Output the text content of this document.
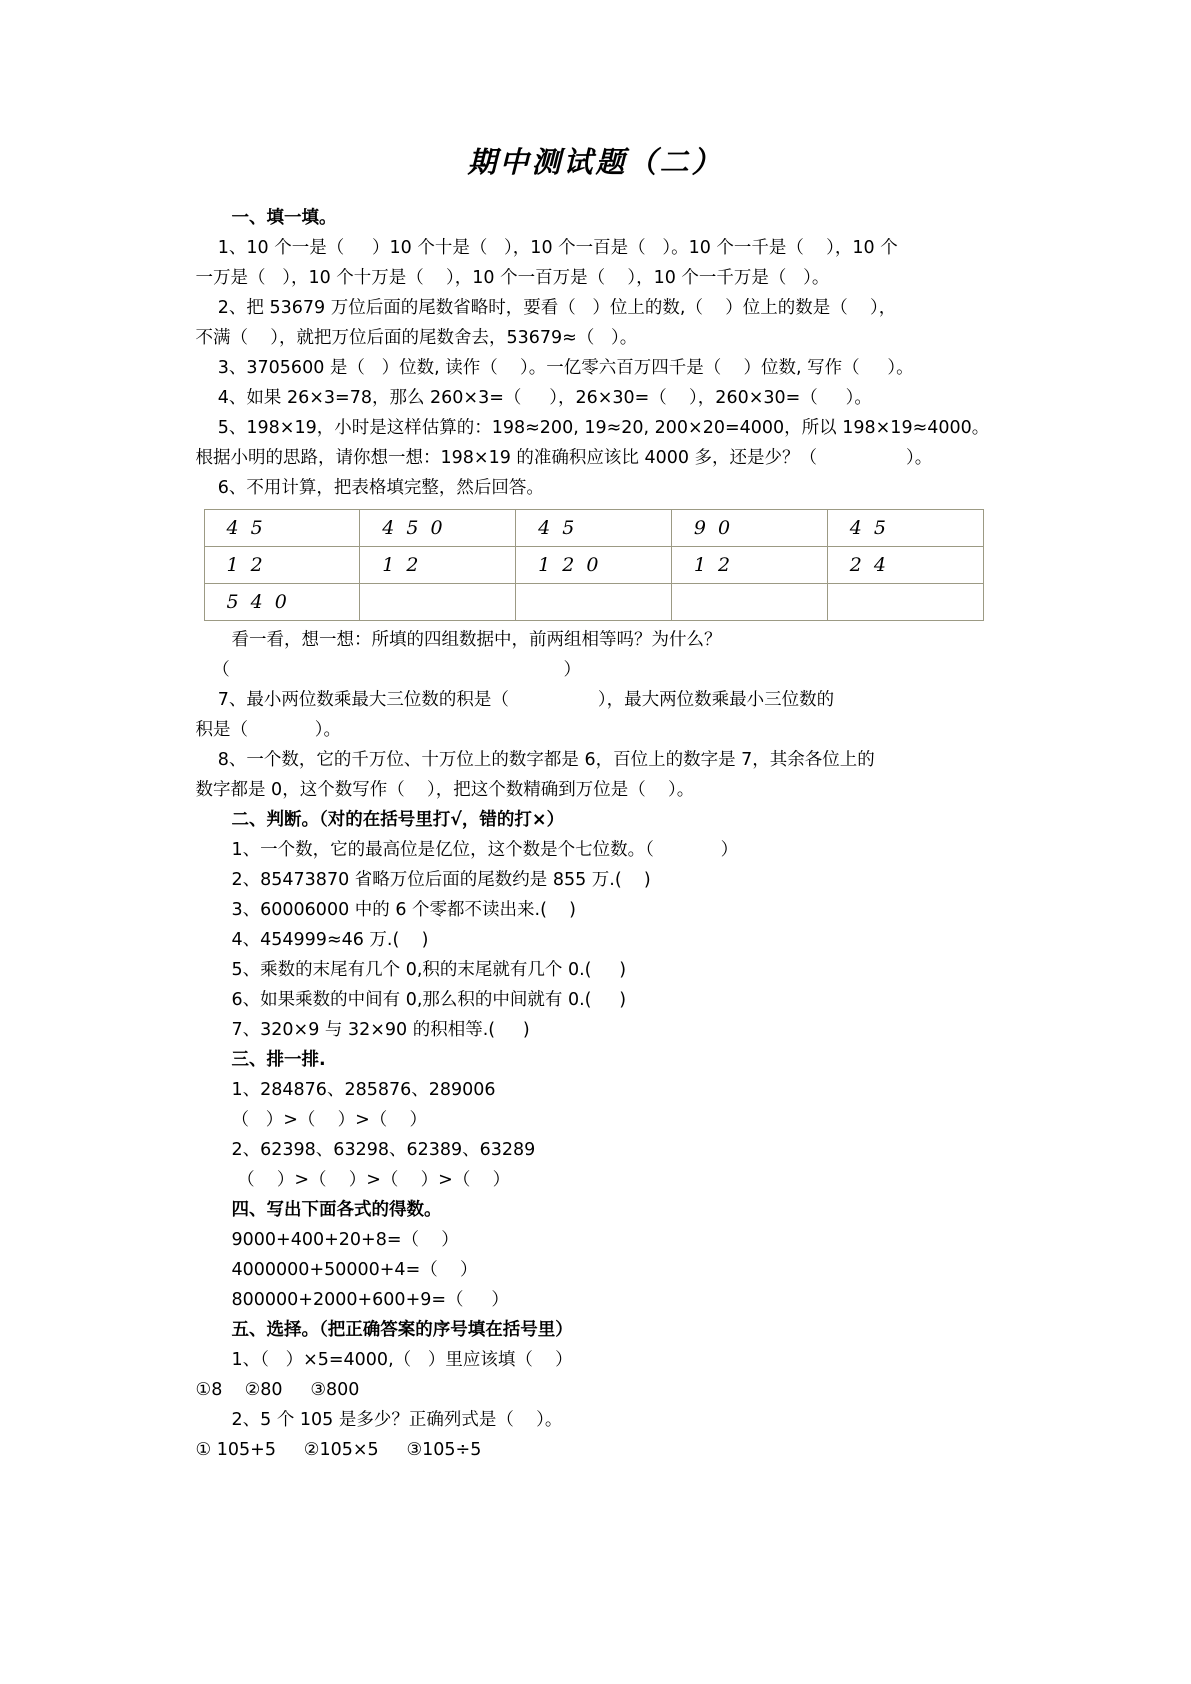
期中测试题（二）

一、填一填。

1、10 个一是（     ）10 个十是（   ），10 个一百是（   ）。10 个一千是（    ），10 个

一万是（   ），10 个十万是（    ），10 个一百万是（    ），10 个一千万是（   ）。

2、把 53679 万位后面的尾数省略时，要看（   ）位上的数,（    ）位上的数是（    ），

不满（    ），就把万位后面的尾数舍去，53679≈（   ）。

3、3705600 是（   ）位数, 读作（    ）。一亿零六百万四千是（    ）位数, 写作（     ）。

4、如果 26×3=78，那么 260×3=（     ），26×30=（    ），260×30=（     ）。

5、198×19，小时是这样估算的：198≈200, 19≈20, 200×20=4000，所以 198×19≈4000。

根据小明的思路，请你想一想：198×19 的准确积应该比 4000 多，还是少？（                ）。

6、不用计算，把表格填完整，然后回答。

4 5	4 5 0	4 5	9 0	4 5
1 2	1 2	1 2 0	1 2	2 4
5 4 0				

看一看，想一想：所填的四组数据中，前两组相等吗？为什么？

（                                                            ）

7、最小两位数乘最大三位数的积是（                ），最大两位数乘最小三位数的

积是（            ）。

8、一个数，它的千万位、十万位上的数字都是 6，百位上的数字是 7，其余各位上的

数字都是 0，这个数写作（    ），把这个数精确到万位是（    ）。

二、判断。（对的在括号里打√，错的打×）

1、一个数，它的最高位是亿位，这个数是个七位数。（            ）

2、85473870 省略万位后面的尾数约是 855 万.(    )

3、60006000 中的 6 个零都不读出来.(    )

4、454999≈46 万.(    )

5、乘数的末尾有几个 0,积的末尾就有几个 0.(     )

6、如果乘数的中间有 0,那么积的中间就有 0.(     )

7、320×9 与 32×90 的积相等.(     )

三、排一排.

1、284876、285876、289006

（   ）>（    ）>（    ）

2、62398、63298、62389、63289

（    ）>（    ）>（    ）>（    ）

四、写出下面各式的得数。

9000+400+20+8=（    ）

4000000+50000+4=（    ）

800000+2000+600+9=（     ）

五、选择。（把正确答案的序号填在括号里）

1、（   ）×5=4000,（   ）里应该填（    ）

①8    ②80     ③800

2、5 个 105 是多少？正确列式是（    ）。

① 105+5     ②105×5     ③105÷5
